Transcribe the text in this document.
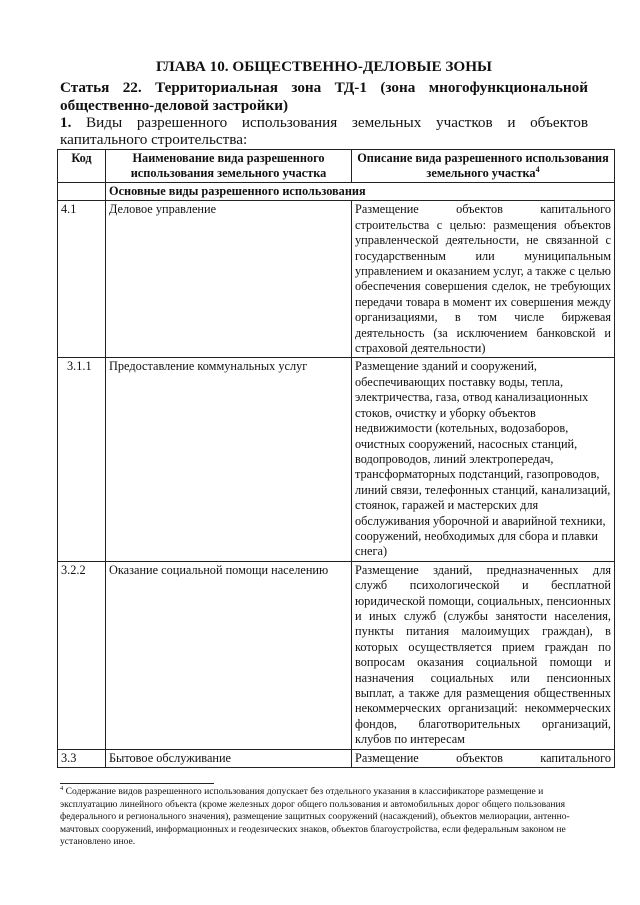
ГЛАВА 10. ОБЩЕСТВЕННО-ДЕЛОВЫЕ ЗОНЫ
Статья 22. Территориальная зона ТД-1 (зона многофункциональной общественно-деловой застройки)
1. Виды разрешенного использования земельных участков и объектов капитального строительства:
Код	Наименование вида разрешенного использования земельного участка	Описание вида разрешенного использования земельного участка$^4$
	Основные виды разрешенного использования	
4.1	Деловое управление	Размещение объектов капитального строительства с целью: размещения объектов управленческой деятельности, не связанной с государственным или муниципальным управлением и оказанием услуг, а также с целью обеспечения совершения сделок, не требующих передачи товара в момент их совершения между организациями, в том числе биржевая деятельность (за исключением банковской и страховой деятельности)
3.1.1	Предоставление коммунальных услуг	Размещение зданий и сооружений, обеспечивающих поставку воды, тепла, электричества, газа, отвод канализационных стоков, очистку и уборку объектов недвижимости (котельных, водозаборов, очистных сооружений, насосных станций, водопроводов, линий электропередач, трансформаторных подстанций, газопроводов, линий связи, телефонных станций, канализаций, стоянок, гаражей и мастерских для обслуживания уборочной и аварийной техники, сооружений, необходимых для сбора и плавки снега)
3.2.2	Оказание социальной помощи населению	Размещение зданий, предназначенных для служб психологической и бесплатной юридической помощи, социальных, пенсионных и иных служб (службы занятости населения, пункты питания малоимущих граждан), в которых осуществляется прием граждан по вопросам оказания социальной помощи и назначения социальных или пенсионных выплат, а также для размещения общественных некоммерческих организаций: некоммерческих фондов, благотворительных организаций, клубов по интересам
3.3	Бытовое обслуживание	Размещение объектов капитального
$^4$ Содержание видов разрешенного использования допускает без отдельного указания в классификаторе размещение и эксплуатацию линейного объекта (кроме железных дорог общего пользования и автомобильных дорог общего пользования федерального и регионального значения), размещение защитных сооружений (насаждений), объектов мелиорации, антенно-мачтовых сооружений, информационных и геодезических знаков, объектов благоустройства, если федеральным законом не установлено иное.
